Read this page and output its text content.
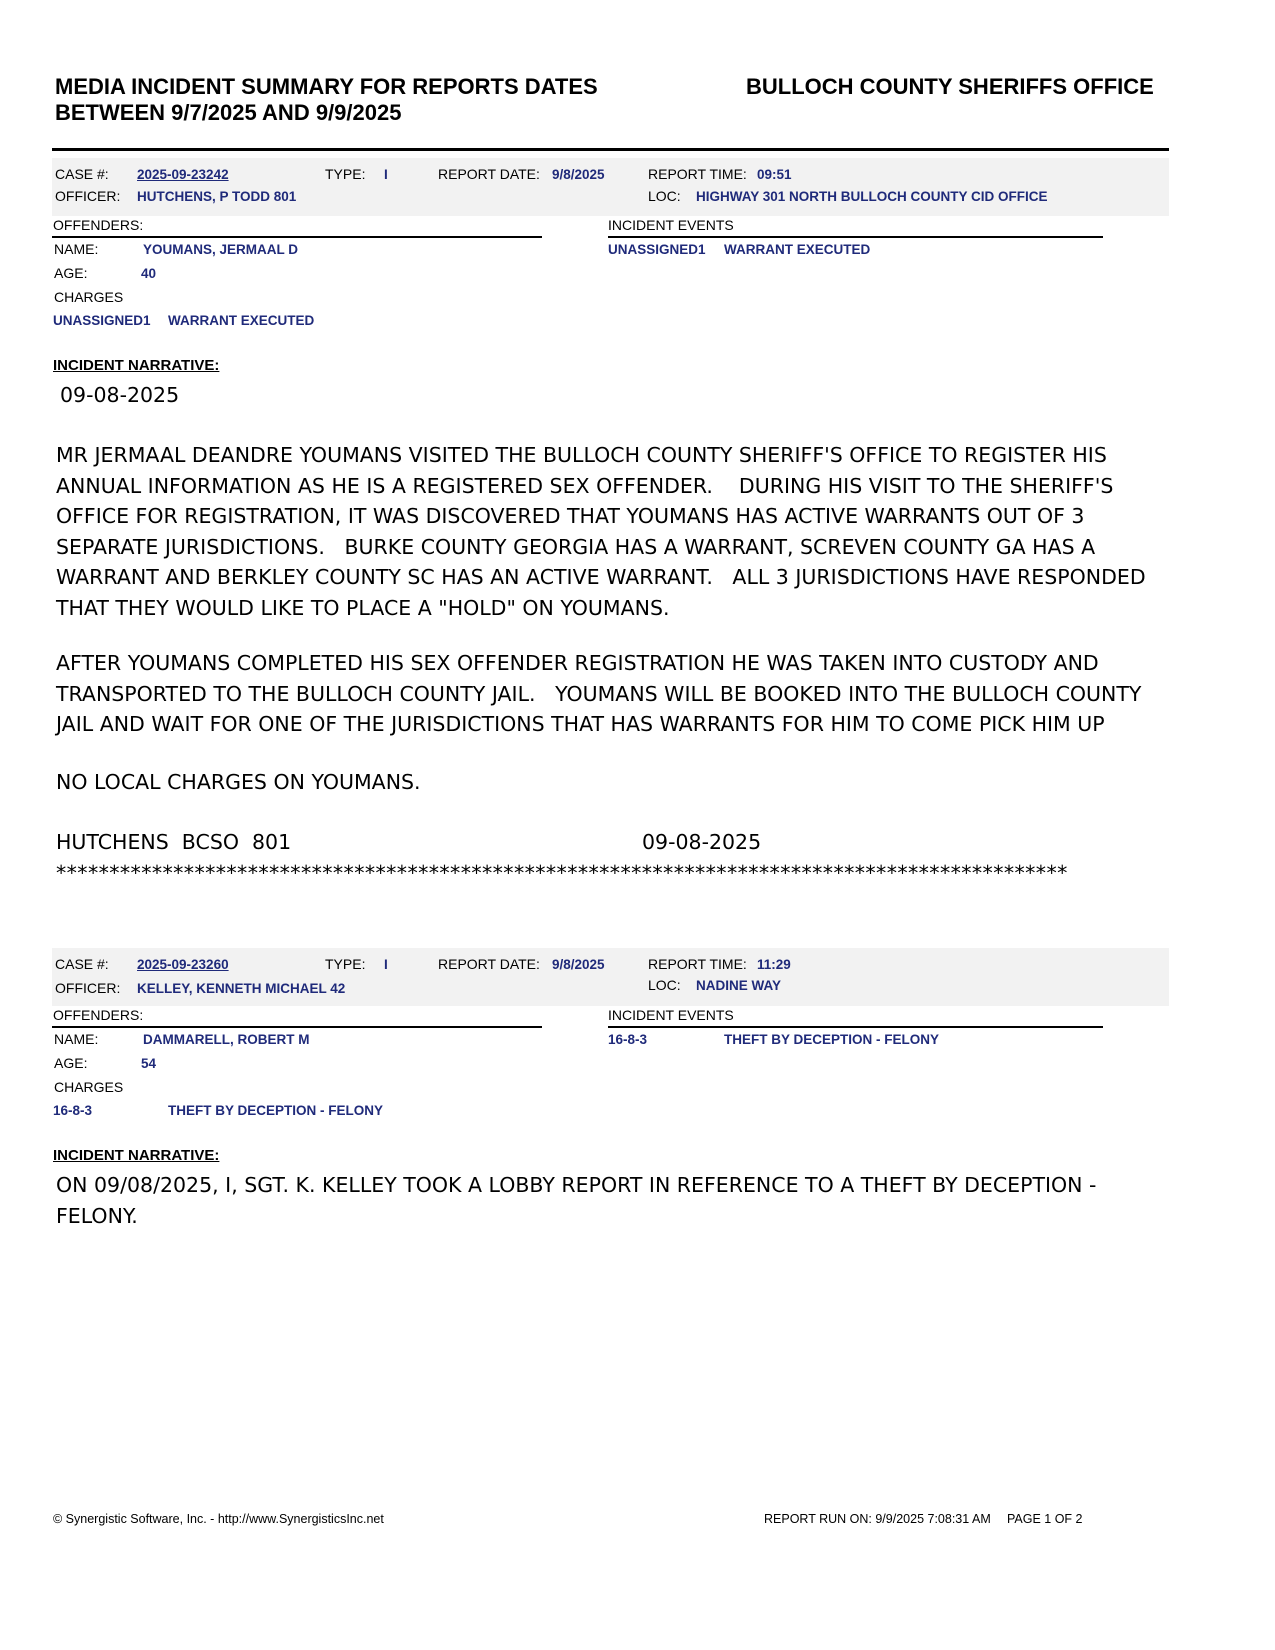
MEDIA INCIDENT SUMMARY FOR REPORTS DATES
BETWEEN 9/7/2025 AND 9/9/2025
BULLOCH COUNTY SHERIFFS OFFICE
CASE #: 2025-09-23242	TYPE: I	REPORT DATE: 9/8/2025	REPORT TIME: 09:51
OFFICER: HUTCHENS, P TODD 801	LOC: HIGHWAY 301 NORTH BULLOCH COUNTY CID OFFICE
OFFENDERS:	INCIDENT EVENTS
NAME:	YOUMANS, JERMAAL D
AGE:	40
CHARGES
UNASSIGNED1 WARRANT EXECUTED
UNASSIGNED1 WARRANT EXECUTED
INCIDENT NARRATIVE:
09-08-2025
MR JERMAAL DEANDRE YOUMANS VISITED THE BULLOCH COUNTY SHERIFF'S OFFICE TO REGISTER HIS ANNUAL INFORMATION AS HE IS A REGISTERED SEX OFFENDER.    DURING HIS VISIT TO THE SHERIFF'S OFFICE FOR REGISTRATION, IT WAS DISCOVERED THAT YOUMANS HAS ACTIVE WARRANTS OUT OF 3 SEPARATE JURISDICTIONS.   BURKE COUNTY GEORGIA HAS A WARRANT, SCREVEN COUNTY GA HAS A WARRANT AND BERKLEY COUNTY SC HAS AN ACTIVE WARRANT.   ALL 3 JURISDICTIONS HAVE RESPONDED THAT THEY WOULD LIKE TO PLACE A "HOLD" ON YOUMANS.
AFTER YOUMANS COMPLETED HIS SEX OFFENDER REGISTRATION HE WAS TAKEN INTO CUSTODY AND TRANSPORTED TO THE BULLOCH COUNTY JAIL.   YOUMANS WILL BE BOOKED INTO THE BULLOCH COUNTY JAIL AND WAIT FOR ONE OF THE JURISDICTIONS THAT HAS WARRANTS FOR HIM TO COME PICK HIM UP
NO LOCAL CHARGES ON YOUMANS.
HUTCHENS  BCSO  801	09-08-2025
***********************************************************************************************
CASE #: 2025-09-23260	TYPE: I	REPORT DATE: 9/8/2025	REPORT TIME: 11:29
OFFICER: KELLEY, KENNETH MICHAEL 42	LOC: NADINE WAY
OFFENDERS:	INCIDENT EVENTS
NAME:	DAMMARELL, ROBERT M
AGE:	54
CHARGES
16-8-3	THEFT BY DECEPTION - FELONY
16-8-3	THEFT BY DECEPTION - FELONY
INCIDENT NARRATIVE:
ON 09/08/2025, I, SGT. K. KELLEY TOOK A LOBBY REPORT IN REFERENCE TO A THEFT BY DECEPTION - FELONY.
© Synergistic Software, Inc. - http://www.SynergisticsInc.net	REPORT RUN ON: 9/9/2025 7:08:31 AM PAGE 1 OF 2
